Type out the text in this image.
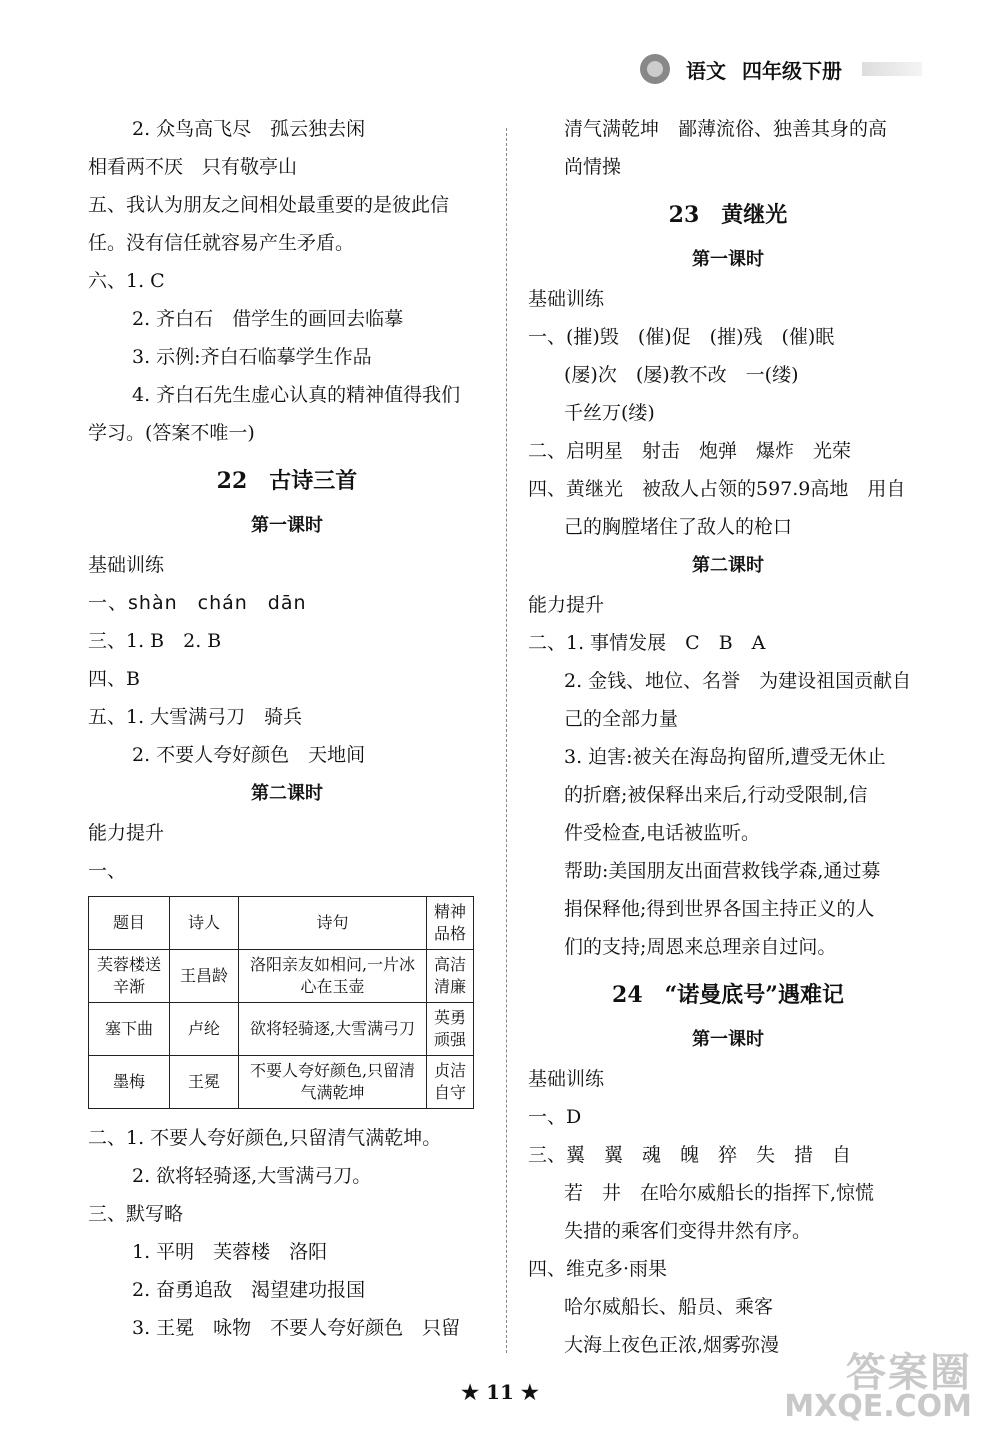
语文 四年级下册
2. 众鸟高飞尽　孤云独去闲
相看两不厌　只有敬亭山
五、我认为朋友之间相处最重要的是彼此信
任。没有信任就容易产生矛盾。
六、1. C
2. 齐白石　借学生的画回去临摹
3. 示例:齐白石临摹学生作品
4. 齐白石先生虚心认真的精神值得我们
学习。(答案不唯一)
22 古诗三首
第一课时
基础训练
一、shàn　chán　dān
三、1. B　2. B
四、B
五、1. 大雪满弓刀　骑兵
2. 不要人夸好颜色　天地间
第二课时
能力提升
一、
题目	诗人	诗句	精神品格
芙蓉楼送辛渐	王昌龄	洛阳亲友如相问,一片冰心在玉壶	高洁清廉
塞下曲	卢纶	欲将轻骑逐,大雪满弓刀	英勇顽强
墨梅	王冕	不要人夸好颜色,只留清气满乾坤	贞洁自守
二、1. 不要人夸好颜色,只留清气满乾坤。
2. 欲将轻骑逐,大雪满弓刀。
三、默写略
1. 平明　芙蓉楼　洛阳
2. 奋勇追敌　渴望建功报国
3. 王冕　咏物　不要人夸好颜色　只留
清气满乾坤　鄙薄流俗、独善其身的高
尚情操
23 黄继光
第一课时
基础训练
一、(摧)毁　(催)促　(摧)残　(催)眠
(屡)次　(屡)教不改　一(缕)
千丝万(缕)
二、启明星　射击　炮弹　爆炸　光荣
四、黄继光　被敌人占领的597.9高地　用自
己的胸膛堵住了敌人的枪口
第二课时
能力提升
二、1. 事情发展　C　B　A
2. 金钱、地位、名誉　为建设祖国贡献自
己的全部力量
3. 迫害:被关在海岛拘留所,遭受无休止
的折磨;被保释出来后,行动受限制,信
件受检查,电话被监听。
帮助:美国朋友出面营救钱学森,通过募
捐保释他;得到世界各国主持正义的人
们的支持;周恩来总理亲自过问。
24 “诺曼底号”遇难记
第一课时
基础训练
一、D
三、翼　翼　魂　魄　猝　失　措　自
若　井　在哈尔威船长的指挥下,惊慌
失措的乘客们变得井然有序。
四、维克多·雨果
哈尔威船长、船员、乘客
大海上夜色正浓,烟雾弥漫
★ 11 ★	答案圈
MXQE.COM
